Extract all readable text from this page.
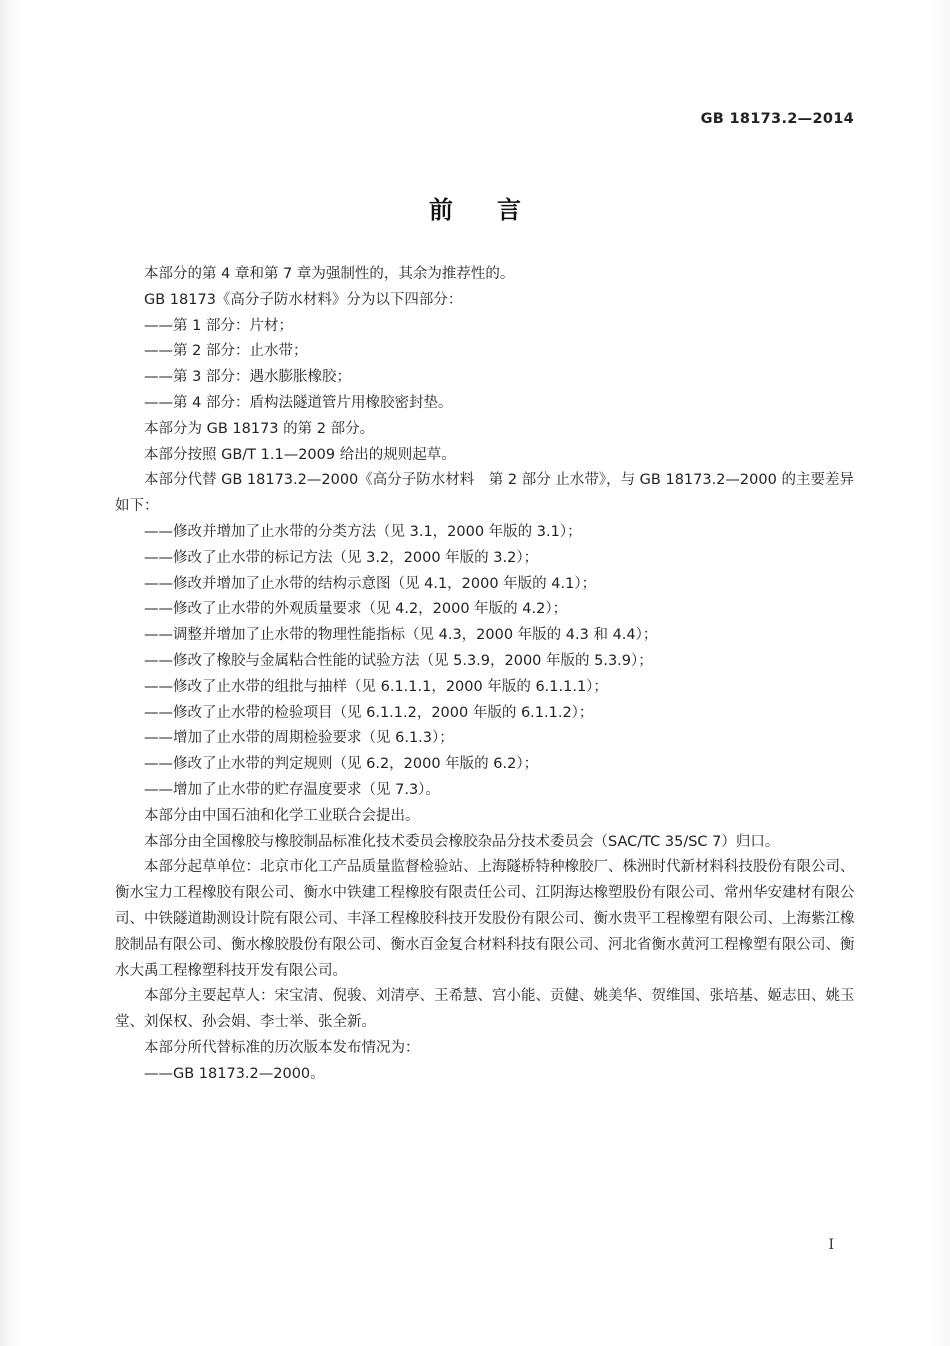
GB 18173.2—2014
前言

本部分的第 4 章和第 7 章为强制性的，其余为推荐性的。

GB 18173《高分子防水材料》分为以下四部分：

——第 1 部分：片材；
——第 2 部分：止水带；
——第 3 部分：遇水膨胀橡胶；
——第 4 部分：盾构法隧道管片用橡胶密封垫。

本部分为 GB 18173 的第 2 部分。

本部分按照 GB/T 1.1—2009 给出的规则起草。

本部分代替 GB 18173.2—2000《高分子防水材料　第 2 部分 止水带》，与 GB 18173.2—2000 的主要差异如下：

——修改并增加了止水带的分类方法（见 3.1，2000 年版的 3.1）；
——修改了止水带的标记方法（见 3.2，2000 年版的 3.2）；
——修改并增加了止水带的结构示意图（见 4.1，2000 年版的 4.1）；
——修改了止水带的外观质量要求（见 4.2，2000 年版的 4.2）；
——调整并增加了止水带的物理性能指标（见 4.3，2000 年版的 4.3 和 4.4）；
——修改了橡胶与金属粘合性能的试验方法（见 5.3.9，2000 年版的 5.3.9）；
——修改了止水带的组批与抽样（见 6.1.1.1，2000 年版的 6.1.1.1）；
——修改了止水带的检验项目（见 6.1.1.2，2000 年版的 6.1.1.2）；
——增加了止水带的周期检验要求（见 6.1.3）；
——修改了止水带的判定规则（见 6.2，2000 年版的 6.2）；
——增加了止水带的贮存温度要求（见 7.3）。

本部分由中国石油和化学工业联合会提出。

本部分由全国橡胶与橡胶制品标准化技术委员会橡胶杂品分技术委员会（SAC/TC 35/SC 7）归口。

本部分起草单位：北京市化工产品质量监督检验站、上海隧桥特种橡胶厂、株洲时代新材料科技股份有限公司、衡水宝力工程橡胶有限公司、衡水中铁建工程橡胶有限责任公司、江阴海达橡塑股份有限公司、常州华安建材有限公司、中铁隧道勘测设计院有限公司、丰泽工程橡胶科技开发股份有限公司、衡水贵平工程橡塑有限公司、上海紫江橡胶制品有限公司、衡水橡胶股份有限公司、衡水百金复合材料科技有限公司、河北省衡水黄河工程橡塑有限公司、衡水大禹工程橡塑科技开发有限公司。

本部分主要起草人：宋宝清、倪骏、刘清亭、王希慧、宫小能、贡健、姚美华、贺维国、张培基、姬志田、姚玉堂、刘保权、孙会娟、李士举、张全新。

本部分所代替标准的历次版本发布情况为：

——GB 18173.2—2000。
I
